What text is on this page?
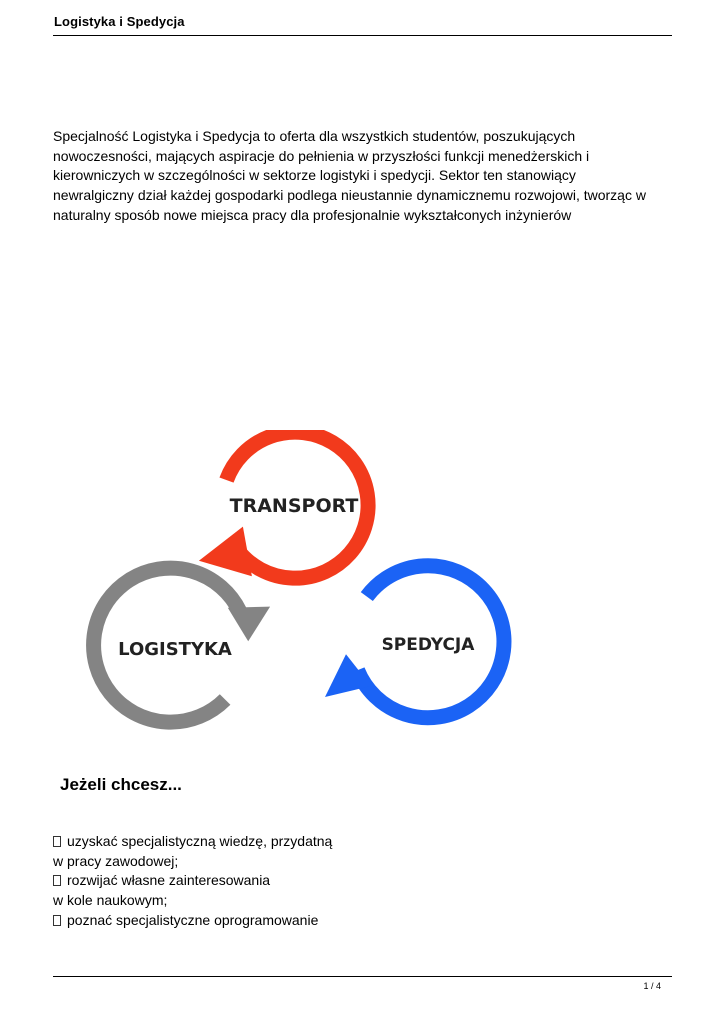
Logistyka i Spedycja
Specjalność Logistyka i Spedycja to oferta dla wszystkich studentów, poszukujących
nowoczesności, mających aspiracje do pełnienia w przyszłości funkcji menedżerskich i
kierowniczych w szczególności w sektorze logistyki i spedycji. Sektor ten stanowiący
newralgiczny dział każdej gospodarki podlega nieustannie dynamicznemu rozwojowi, tworząc w
naturalny sposób nowe miejsca pracy dla profesjonalnie wykształconych inżynierów
TRANSPORT
LOGISTYKA	SPEDYCJA
Jeżeli chcesz...
uzyskać specjalistyczną wiedzę, przydatną
w pracy zawodowej;
rozwijać własne zainteresowania
w kole naukowym;
poznać specjalistyczne oprogramowanie
1 / 4
